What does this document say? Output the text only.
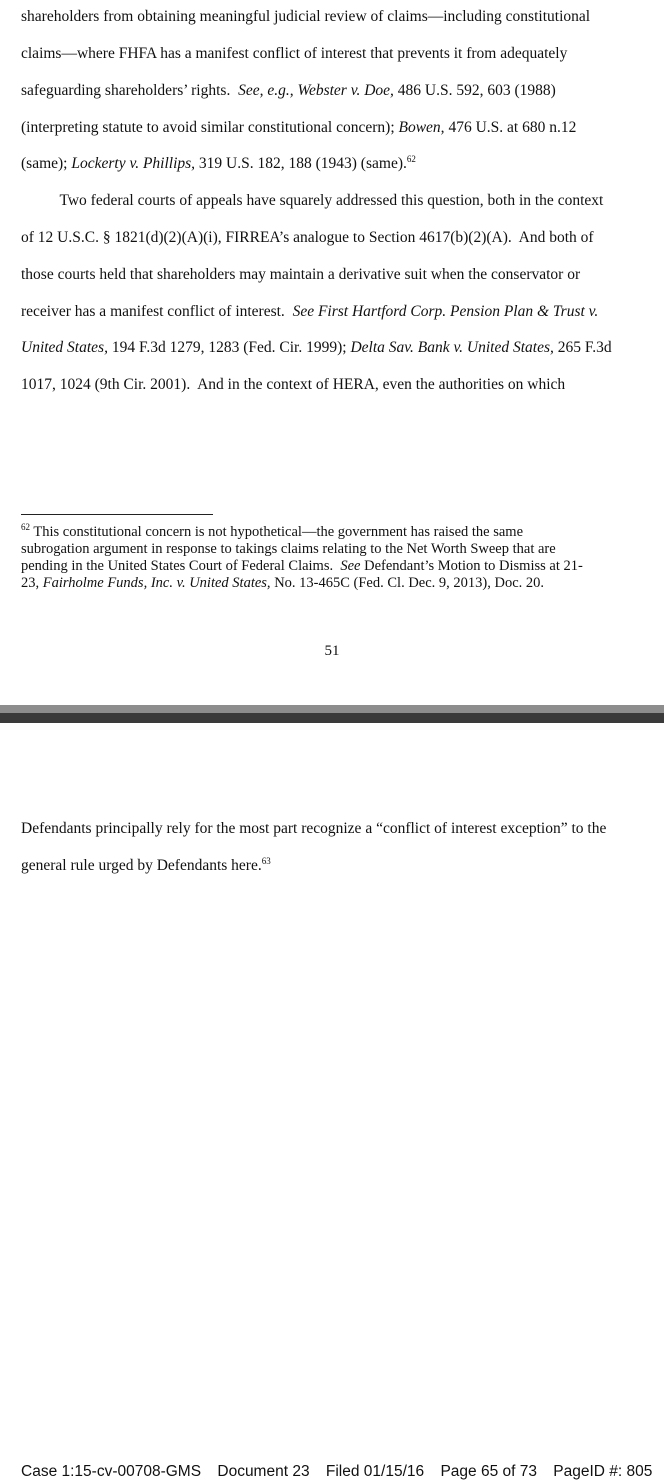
shareholders from obtaining meaningful judicial review of claims—including constitutional
claims—where FHFA has a manifest conflict of interest that prevents it from adequately
safeguarding shareholders’ rights.  See, e.g., Webster v. Doe, 486 U.S. 592, 603 (1988)
(interpreting statute to avoid similar constitutional concern); Bowen, 476 U.S. at 680 n.12
(same); Lockerty v. Phillips, 319 U.S. 182, 188 (1943) (same).$^{62}$
Two federal courts of appeals have squarely addressed this question, both in the context
of 12 U.S.C. § 1821(d)(2)(A)(i), FIRREA’s analogue to Section 4617(b)(2)(A).  And both of
those courts held that shareholders may maintain a derivative suit when the conservator or
receiver has a manifest conflict of interest.  See First Hartford Corp. Pension Plan & Trust v.
United States, 194 F.3d 1279, 1283 (Fed. Cir. 1999); Delta Sav. Bank v. United States, 265 F.3d
1017, 1024 (9th Cir. 2001).  And in the context of HERA, even the authorities on which
$^{62}$ This constitutional concern is not hypothetical—the government has raised the same
subrogation argument in response to takings claims relating to the Net Worth Sweep that are
pending in the United States Court of Federal Claims.  See Defendant’s Motion to Dismiss at 21-
23, Fairholme Funds, Inc. v. United States, No. 13-465C (Fed. Cl. Dec. 9, 2013), Doc. 20.
51
Case 1:15-cv-00708-GMS Document 23 Filed 01/15/16 Page 65 of 73 PageID #: 805
Defendants principally rely for the most part recognize a “conflict of interest exception” to the
general rule urged by Defendants here.$^{63}$
